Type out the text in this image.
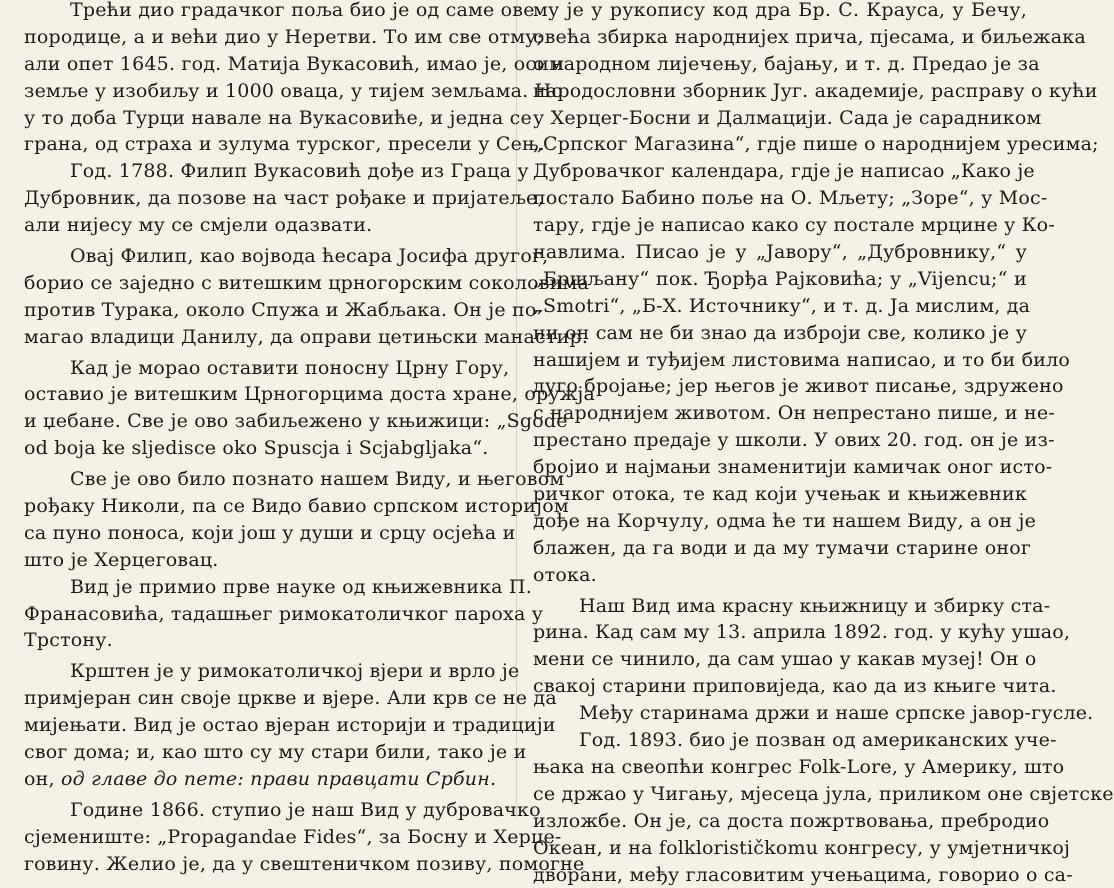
Трећи дио градачког поља био је од саме ове
породице, а и већи дио у Неретви. То им све отму;
али опет 1645. год. Матија Вукасовић, имао је, осим
земље у изобиљу и 1000 оваца, у тијем земљама. Но
у то доба Турци навале на Вукасовиће, и једна се
грана, од страха и зулума турског, пресели у Сењ.
Год. 1788. Филип Вукасовић дође из Граца у
Дубровник, да позове на част рођаке и пријатеље,
али нијесу му се смјели одазвати.
Овај Филип, као војвода ћесара Јосифа другог,
борио се заједно с витешким црногорским соколовима
против Турака, около Спужа и Жабљака. Он је по-
магао владици Данилу, да оправи цетињски манастир.
Кад је морао оставити поносну Црну Гору,
оставио је витешким Црногорцима доста хране, оружја
и џебане. Све је ово забиљежено у књижици: „Sgode
od boja ke sljedisce oko Spuscja i Scjabgljaka“.
Све је ово било познато нашем Виду, и његовом
рођаку Николи, па се Видо бавио српском историјом
са пуно поноса, који још у души и срцу осјећа и
што је Херцеговац.
Вид је примио прве науке од књижевника П.
Франасовића, тадашњег римокатоличког пароха у
Трстону.
Крштен је у римокатоличкој вјери и врло је
примјеран син своје цркве и вјере. Али крв се не да
мијењати. Вид је остао вјеран историји и традицији
свог дома; и, као што су му стари били, тако је и
он, од главе до пете: прави правцати Србин.
Године 1866. ступио је наш Вид у дубровачко
сјемениште: „Propagandae Fides“, за Босну и Херце-
говину. Желио је, да у свештеничком позиву, помогне
му је у рукопису код дра Бр. С. Крауса, у Бечу,
овећа збирка народнијех прича, пјесама, и биљежака
о народном лијечењу, бајању, и т. д. Предао је за
народословни зборник Југ. академије, расправу о кући
у Херцег-Босни и Далмацији. Сада је сарадником
„Српског Магазина“, гдје пише о народнијем уресима;
Дубровачког календара, гдје је написао „Како је
постало Бабино поље на О. Мљету; „Зоре“, у Мос-
тару, гдје је написао како су постале мрцине у Ко-
навлима. Писао је у „Јавору“, „Дубровнику,“ у
„Бршљану“ пок. Ђорђа Рајковића; у „Vijencu;“ и
„Smotri“, „Б-Х. Источнику“, и т. д. Ја мислим, да
ни он сам не би знао да изброји све, колико је у
нашијем и туђијем листовима написао, и то би било
дуго бројање; јер његов је живот писање, здружено
с народнијем животом. Он непрестано пише, и не-
престано предаје у школи. У ових 20. год. он је из-
бројио и најмањи знаменитији камичак оног исто-
ричког отока, те кад који учењак и књижевник
дође на Корчулу, одма ће ти нашем Виду, а он је
блажен, да га води и да му тумачи старине оног
отока.
Наш Вид има красну књижницу и збирку ста-
рина. Кад сам му 13. априла 1892. год. у кућу ушао,
мени се чинило, да сам ушао у какав музеј! Он о
свакој старини приповиједа, као да из књиге чита.
Међу старинама држи и наше српске јавор-гусле.
Год. 1893. био је позван од американских уче-
њака на свеопћи конгрес Folk-Lore, у Америку, што
се држао у Чигању, мјесеца јула, приликом оне свјетске
изложбе. Он је, са доста пожртвовања, пребродио
Океан, и на folklorističkomu конгресу, у умјетничкој
дворани, међу гласовитим учењацима, говорио о са-
